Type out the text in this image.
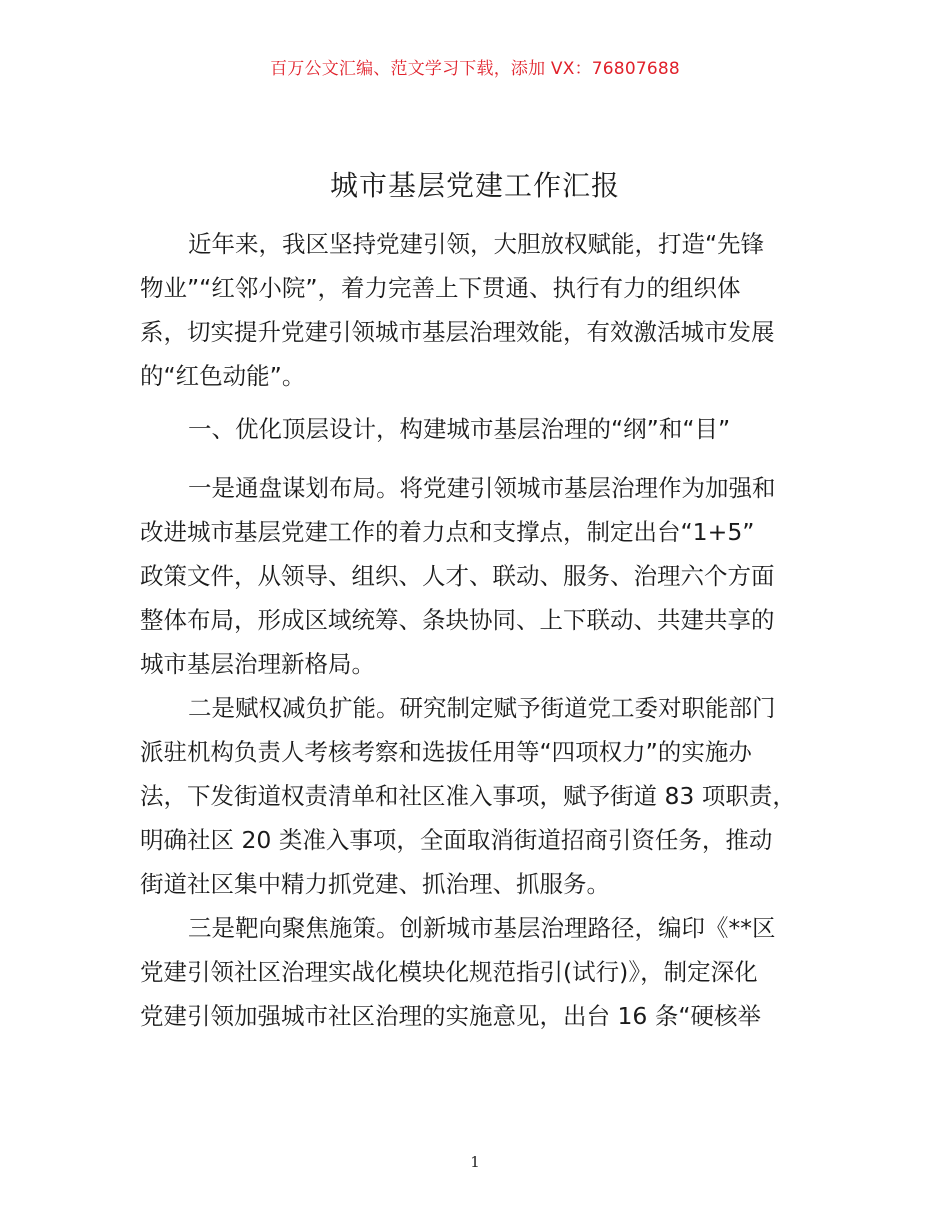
百万公文汇编、范文学习下载，添加 VX：76807688
城市基层党建工作汇报
近年来，我区坚持党建引领，大胆放权赋能，打造“先锋
物业”“红邻小院”，着力完善上下贯通、执行有力的组织体
系，切实提升党建引领城市基层治理效能，有效激活城市发展
的“红色动能”。
一、优化顶层设计，构建城市基层治理的“纲”和“目”
一是通盘谋划布局。将党建引领城市基层治理作为加强和
改进城市基层党建工作的着力点和支撑点，制定出台“1+5”
政策文件，从领导、组织、人才、联动、服务、治理六个方面
整体布局，形成区域统筹、条块协同、上下联动、共建共享的
城市基层治理新格局。
二是赋权减负扩能。研究制定赋予街道党工委对职能部门
派驻机构负责人考核考察和选拔任用等“四项权力”的实施办
法，下发街道权责清单和社区准入事项，赋予街道 83 项职责，
明确社区 20 类准入事项，全面取消街道招商引资任务，推动
街道社区集中精力抓党建、抓治理、抓服务。
三是靶向聚焦施策。创新城市基层治理路径，编印《**区
党建引领社区治理实战化模块化规范指引(试行)》，制定深化
党建引领加强城市社区治理的实施意见，出台 16 条“硬核举
1
